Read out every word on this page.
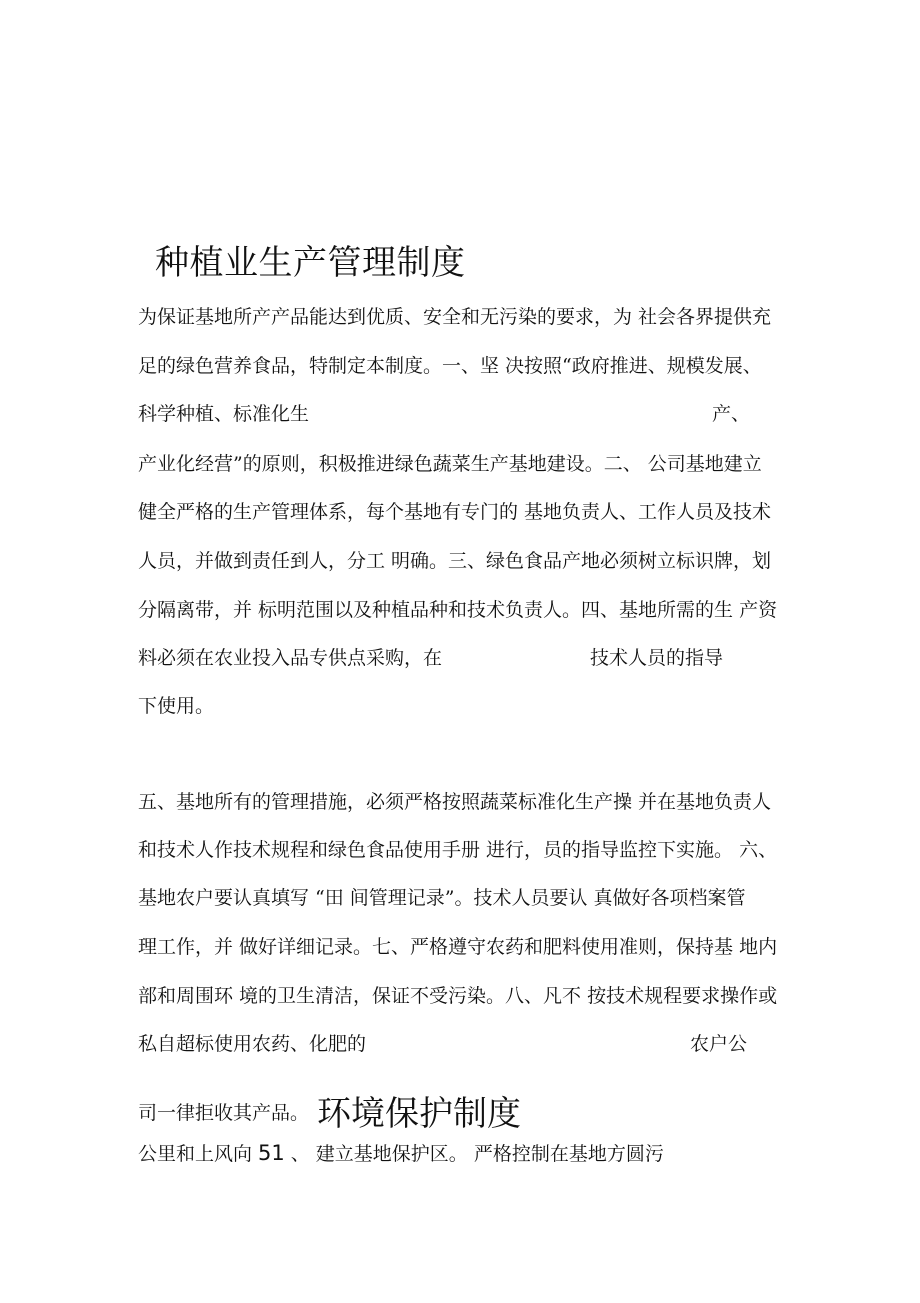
种植业生产管理制度
为保证基地所产产品能达到优质、安全和无污染的要求，为 社会各界提供充
足的绿色营养食品，特制定本制度。一、坚 决按照“政府推进、规模发展、
科学种植、标准化生	产、
产业化经营”的原则，积极推进绿色蔬菜生产基地建设。二、 公司基地建立
健全严格的生产管理体系，每个基地有专门的 基地负责人、工作人员及技术
人员，并做到责任到人，分工 明确。三、绿色食品产地必须树立标识牌，划
分隔离带，并 标明范围以及种植品种和技术负责人。四、基地所需的生 产资
料必须在农业投入品专供点采购，在	技术人员的指导
下使用。
五、基地所有的管理措施，必须严格按照蔬菜标准化生产操 并在基地负责人
和技术人作技术规程和绿色食品使用手册 进行，员的指导监控下实施。 六、
基地农户要认真填写 “田 间管理记录”。技术人员要认 真做好各项档案管
理工作，并 做好详细记录。七、严格遵守农药和肥料使用准则，保持基 地内
部和周围环 境的卫生清洁，保证不受污染。八、凡不 按技术规程要求操作或
私自超标使用农药、化肥的	农户公
司一律拒收其产品。 环境保护制度
公里和上风向 51 、 建立基地保护区。 严格控制在基地方圆污
